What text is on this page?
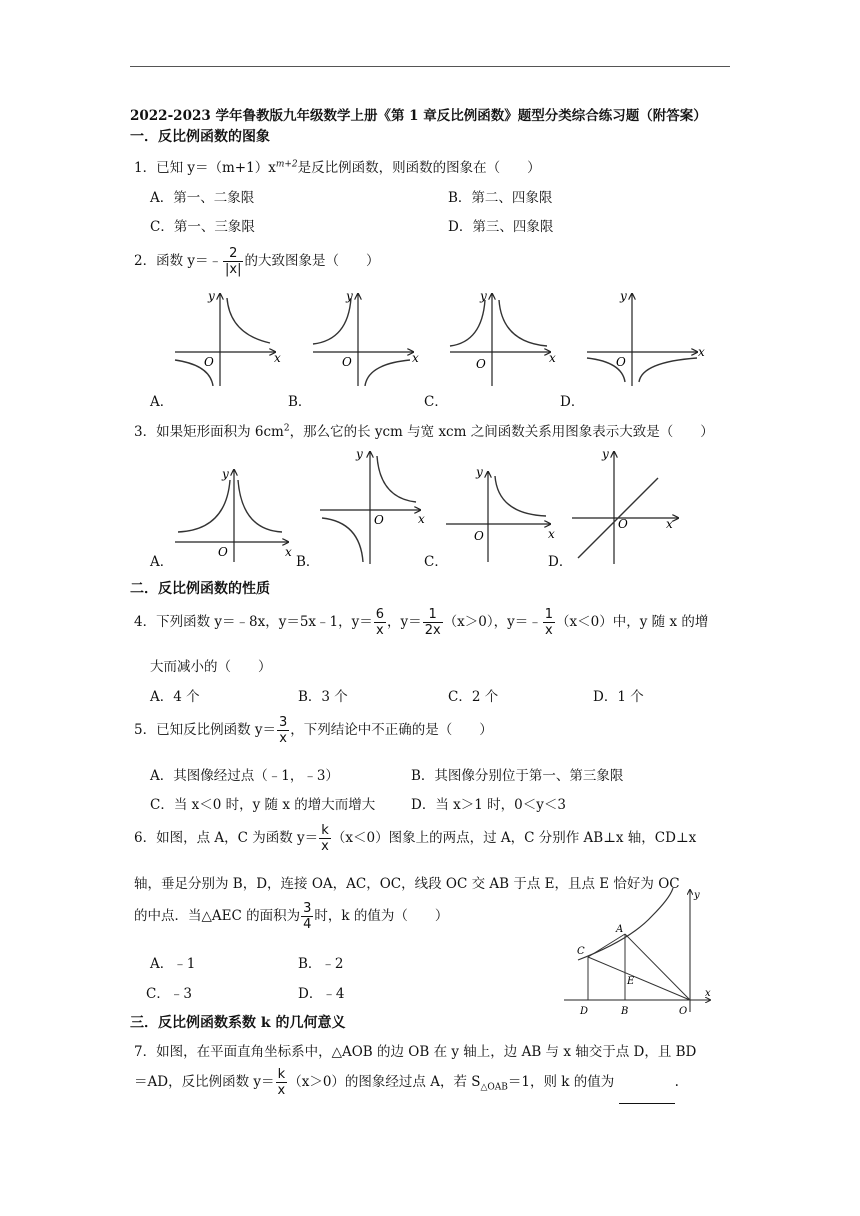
2022-2023 学年鲁教版九年级数学上册《第 1 章反比例函数》题型分类综合练习题（附答案）
一．反比例函数的图象
1．已知 $y=(m+1)x^{m+2}$是反比例函数，则函数的图象在（　　）
A．第一、二象限	B．第二、四象限
C．第一、三象限	D．第三、四象限
2．函数 y＝﹣ $\frac{2}{|x|}$ 的大致图象是（　　）
y
x
O
y
x
O
y
x
O
y
x
O
A．	B．	C．	D．
3．如果矩形面积为 $6cm^2$，那么它的长 ycm 与宽 xcm 之间函数关系用图象表示大致是（　　）
y
x
O
y
x
O
y
x
O
y
x
O
A．	B．	C．	D．
二．反比例函数的性质
4．下列函数 y＝﹣8x，y＝5x﹣1，$y= \frac{6}{x}$ ，$y= \frac{1}{2x} (x>0)$，y＝﹣ $\frac{1}{x} (x<0)$中，y 随 x 的增
大而减小的（　　）
A．4 个	B．3 个	C．2 个	D．1 个
5．已知反比例函数 $y= \frac{3}{x}$ ，下列结论中不正确的是（　　）
A．其图像经过点（﹣1，﹣3）	B．其图像分别位于第一、第三象限
C．当 x＜0 时，y 随 x 的增大而增大	D．当 x＞1 时，0＜y＜3
6．如图，点 A，C 为函数 $y= \frac{k}{x} (x<0)$图象上的两点，过 A，C 分别作 AB⊥x 轴，CD⊥x
轴，垂足分别为 B，D，连接 OA，AC，OC，线段 OC 交 AB 于点 E，且点 E 恰好为 OC
的中点．当△AEC 的面积为 $\frac{3}{4}$ 时，k 的值为（　　）
A．﹣1	B．﹣2
C．﹣3	D．﹣4
y
x
A
C
E
D	B	O
三．反比例函数系数 k 的几何意义
7．如图，在平面直角坐标系中，△AOB 的边 OB 在 y 轴上，边 AB 与 x 轴交于点 D，且 BD
＝AD，反比例函数 $y= \frac{k}{x} (x>0)$的图象经过点 A，若 $S_{\triangle OAB}=1$，则 k 的值为	.
